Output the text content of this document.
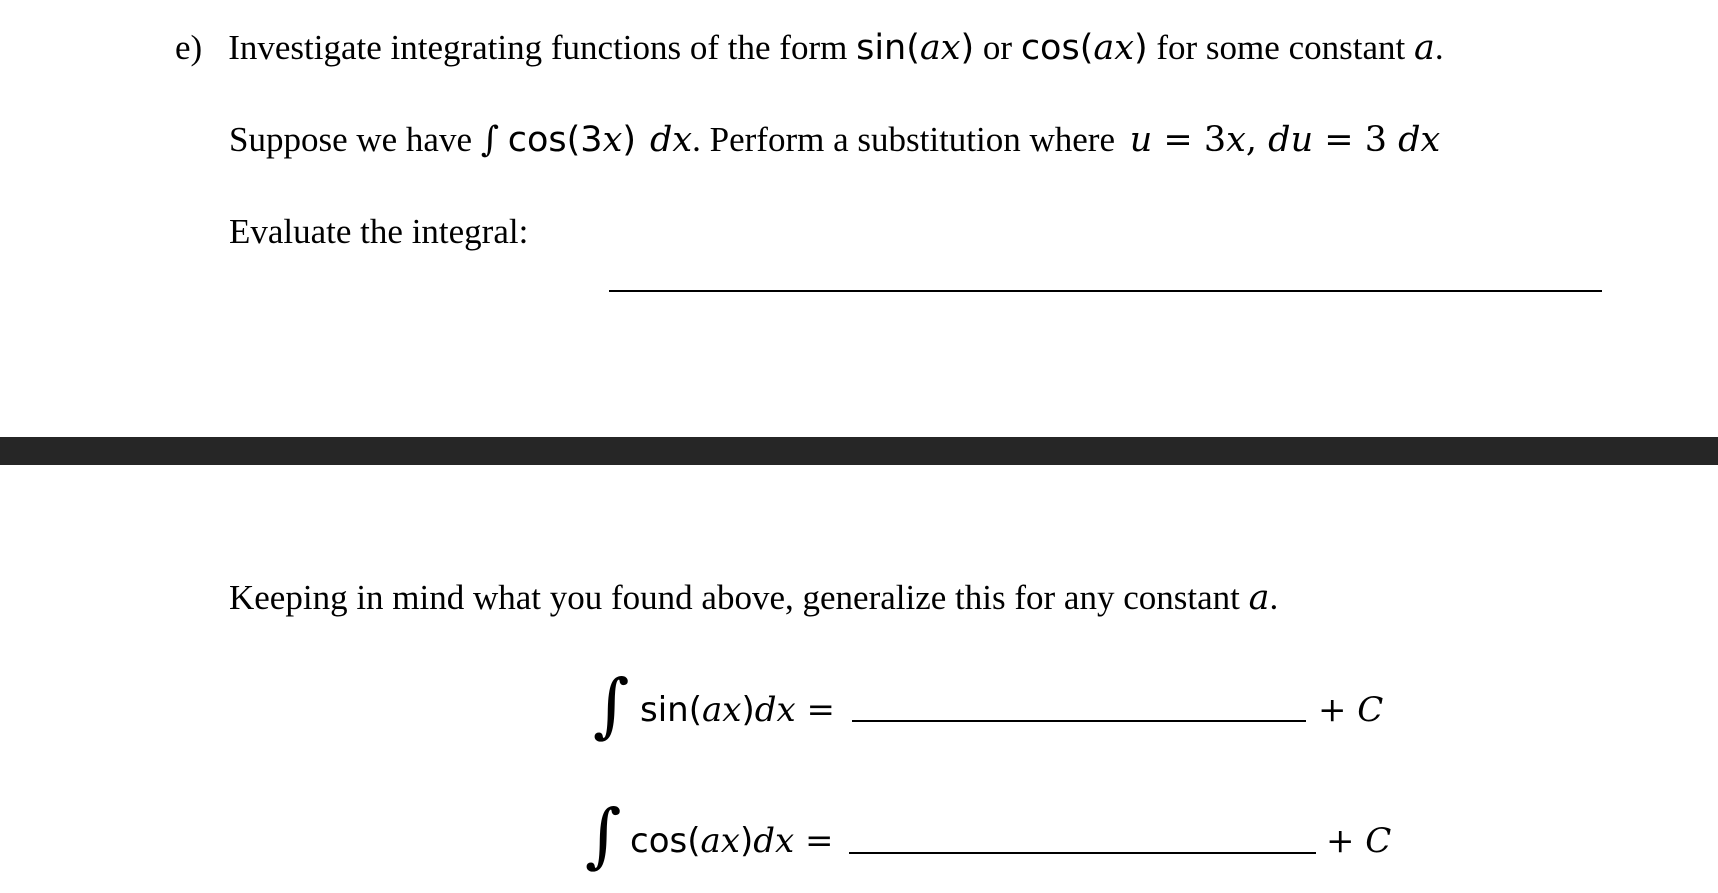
e) Investigate integrating functions of the form sin(ax) or cos(ax) for some constant a.
Suppose we have ∫ cos(3x) dx. Perform a substitution where u = 3x, du = 3 dx
Evaluate the integral:
Keeping in mind what you found above, generalize this for any constant a.
∫ sin(ax)dx =	+ C
∫ cos(ax)dx =	+ C
